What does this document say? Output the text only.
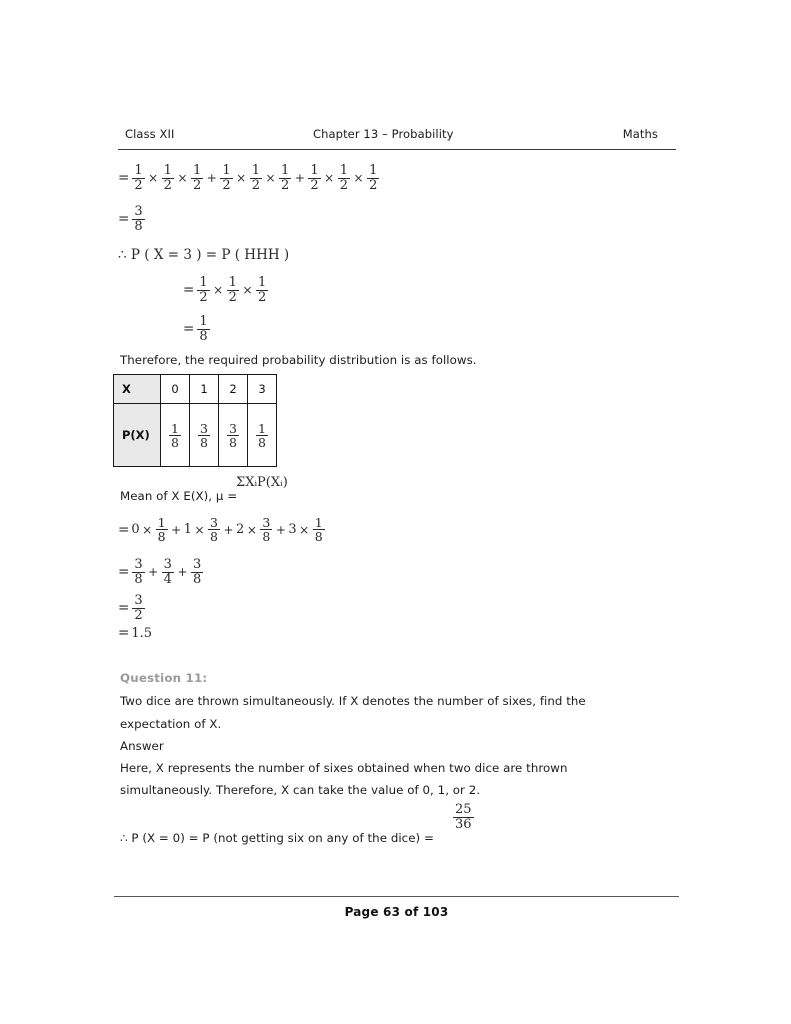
Class XII	Chapter 13 – Probability	Maths
= $\frac{1}{2} \times \frac{1}{2} \times \frac{1}{2} + \frac{1}{2} \times \frac{1}{2} \times \frac{1}{2} + \frac{1}{2} \times \frac{1}{2} \times \frac{1}{2}$
= $\frac{3}{8}$
∴ P ( X = 3 ) = P ( HHH )
= $\frac{1}{2} \times \frac{1}{2} \times \frac{1}{2}$
= $\frac{1}{8}$
Therefore, the required probability distribution is as follows.
X	0	1	2	3
P(X)	$\frac{1}{8}$	$\frac{3}{8}$	$\frac{3}{8}$	$\frac{1}{8}$
Mean of X E(X), μ =
ΣXᵢP(Xᵢ)
= $0 \times \frac{1}{8} + 1 \times \frac{3}{8} + 2 \times \frac{3}{8} + 3 \times \frac{1}{8}$
= $\frac{3}{8} + \frac{3}{4} + \frac{3}{8}$
= $\frac{3}{2}$
= 1.5
Question 11:
Two dice are thrown simultaneously. If X denotes the number of sixes, find the
expectation of X.
Answer
Here, X represents the number of sixes obtained when two dice are thrown
simultaneously. Therefore, X can take the value of 0, 1, or 2.
∴ P (X = 0) = P (not getting six on any of the dice) =
$\frac{25}{36}$
Page 63 of 103
